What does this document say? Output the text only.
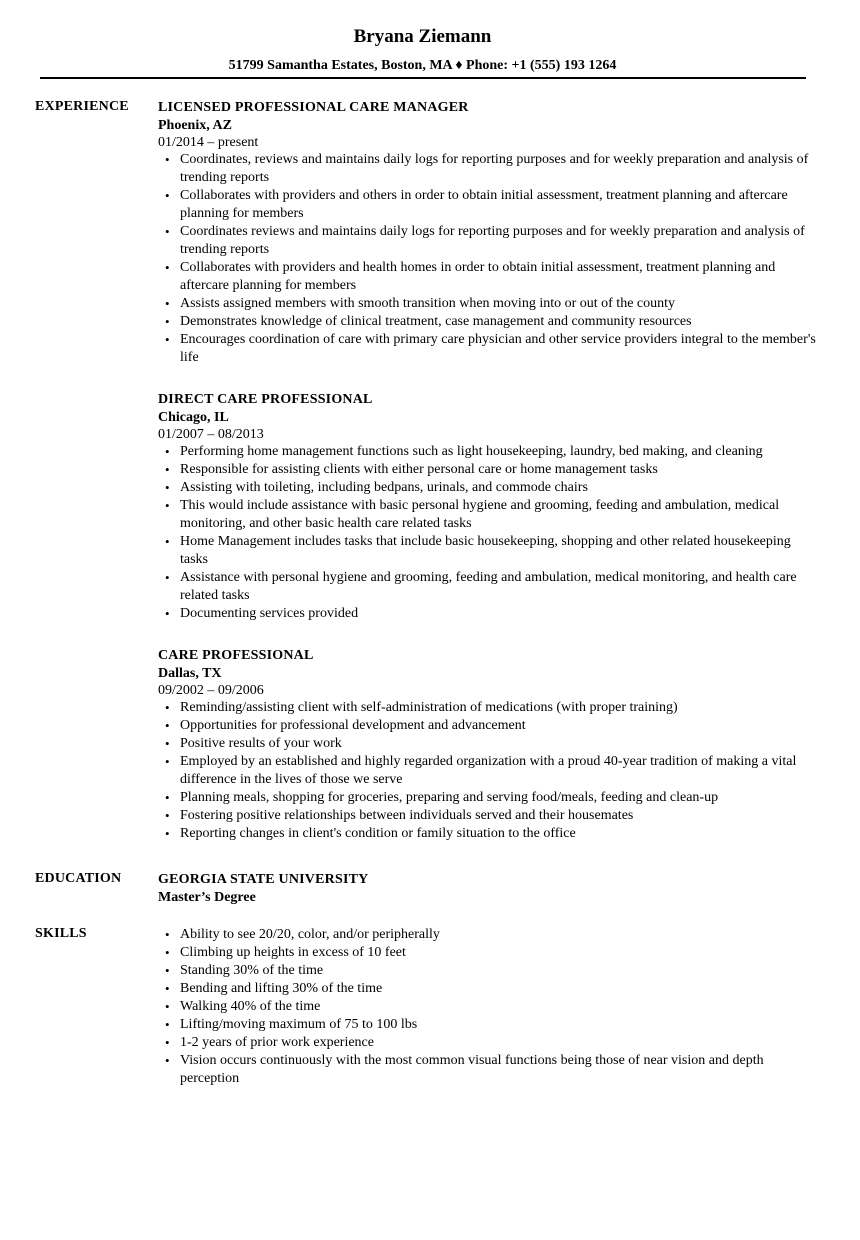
Bryana Ziemann
51799 Samantha Estates, Boston, MA ♦ Phone: +1 (555) 193 1264
EXPERIENCE LICENSED PROFESSIONAL CARE MANAGER
Phoenix, AZ
01/2014 – present
• Coordinates, reviews and maintains daily logs for reporting purposes and for weekly preparation and analysis of trending reports
• Collaborates with providers and others in order to obtain initial assessment, treatment planning and aftercare planning for members
• Coordinates reviews and maintains daily logs for reporting purposes and for weekly preparation and analysis of trending reports
• Collaborates with providers and health homes in order to obtain initial assessment, treatment planning and aftercare planning for members
• Assists assigned members with smooth transition when moving into or out of the county
• Demonstrates knowledge of clinical treatment, case management and community resources
• Encourages coordination of care with primary care physician and other service providers integral to the member's life
DIRECT CARE PROFESSIONAL
Chicago, IL
01/2007 – 08/2013
• Performing home management functions such as light housekeeping, laundry, bed making, and cleaning
• Responsible for assisting clients with either personal care or home management tasks
• Assisting with toileting, including bedpans, urinals, and commode chairs
• This would include assistance with basic personal hygiene and grooming, feeding and ambulation, medical monitoring, and other basic health care related tasks
• Home Management includes tasks that include basic housekeeping, shopping and other related housekeeping tasks
• Assistance with personal hygiene and grooming, feeding and ambulation, medical monitoring, and health care related tasks
• Documenting services provided
CARE PROFESSIONAL
Dallas, TX
09/2002 – 09/2006
• Reminding/assisting client with self-administration of medications (with proper training)
• Opportunities for professional development and advancement
• Positive results of your work
• Employed by an established and highly regarded organization with a proud 40-year tradition of making a vital difference in the lives of those we serve
• Planning meals, shopping for groceries, preparing and serving food/meals, feeding and clean-up
• Fostering positive relationships between individuals served and their housemates
• Reporting changes in client's condition or family situation to the office
EDUCATION	GEORGIA STATE UNIVERSITY
Master’s Degree
SKILLS
•	Ability to see 20/20, color, and/or peripherally
• Climbing up heights in excess of 10 feet
• Standing 30% of the time
• Bending and lifting 30% of the time
• Walking 40% of the time
• Lifting/moving maximum of 75 to 100 lbs
• 1-2 years of prior work experience
• Vision occurs continuously with the most common visual functions being those of near vision and depth perception
